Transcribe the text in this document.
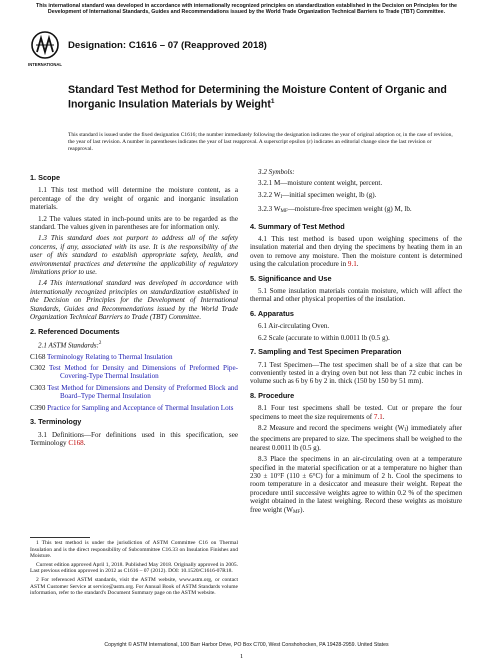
This international standard was developed in accordance with internationally recognized principles on standardization established in the Decision on Principles for the Development of International Standards, Guides and Recommendations issued by the World Trade Organization Technical Barriers to Trade (TBT) Committee.
INTERNATIONAL
Designation: C1616 – 07 (Reapproved 2018)
Standard Test Method for Determining the Moisture Content of Organic and Inorganic Insulation Materials by Weight$^1$
This standard is issued under the fixed designation C1616; the number immediately following the designation indicates the year of original adoption or, in the case of revision, the year of last revision. A number in parentheses indicates the year of last reapproval. A superscript epsilon (ε) indicates an editorial change since the last revision or reapproval.

1. Scope

1.1 This test method will determine the moisture content, as a percentage of the dry weight of organic and inorganic insulation materials.

1.2 The values stated in inch-pound units are to be regarded as the standard. The values given in parentheses are for information only.

1.3 This standard does not purport to address all of the safety concerns, if any, associated with its use. It is the responsibility of the user of this standard to establish appropriate safety, health, and environmental practices and determine the applicability of regulatory limitations prior to use.

1.4 This international standard was developed in accordance with internationally recognized principles on standardization established in the Decision on Principles for the Development of International Standards, Guides and Recommendations issued by the World Trade Organization Technical Barriers to Trade (TBT) Committee.

2. Referenced Documents

2.1 ASTM Standards:$^2$

C168 Terminology Relating to Thermal Insulation

C302 Test Method for Density and Dimensions of Preformed Pipe-Covering-Type Thermal Insulation

C303 Test Method for Dimensions and Density of Preformed Block and Board–Type Thermal Insulation

C390 Practice for Sampling and Acceptance of Thermal Insulation Lots

3. Terminology

3.1 Definitions—For definitions used in this specification, see Terminology C168.

3.2 Symbols:

3.2.1 M—moisture content weight, percent.

3.2.2 $W_I—initial$ specimen weight, lb (g).

3.2.3 $W_{MF}—moisture$-free specimen weight (g) M, lb.

4. Summary of Test Method

4.1 This test method is based upon weighing specimens of the insulation material and then drying the specimens by heating them in an oven to remove any moisture. Then the moisture content is determined using the calculation procedure in 9.1.

5. Significance and Use

5.1 Some insulation materials contain moisture, which will affect the thermal and other physical properties of the insulation.

6. Apparatus

6.1 Air-circulating Oven.

6.2 Scale (accurate to within 0.0011 lb (0.5 g).

7. Sampling and Test Specimen Preparation

7.1 Test Specimen—The test specimen shall be of a size that can be conveniently tested in a drying oven but not less than 72 cubic inches in volume such as 6 by 6 by 2 in. thick (150 by 150 by 51 mm).

8. Procedure

8.1 Four test specimens shall be tested. Cut or prepare the four specimens to meet the size requirements of 7.1.

8.2 Measure and record the specimens weight $(W_I)$ immediately after the specimens are prepared to size. The specimens shall be weighed to the nearest 0.0011 lb (0.5 g).

8.3 Place the specimens in an air-circulating oven at a temperature specified in the material specification or at a temperature no higher than 230 ± 10°F (110 ± 6°C) for a minimum of 2 h. Cool the specimens to room temperature in a desiccator and measure their weight. Repeat the procedure until successive weights agree to within 0.2 % of the specimen weight obtained in the latest weighing. Record these weights as moisture free weight $(W_{MF})$.

1 This test method is under the jurisdiction of ASTM Committee C16 on Thermal Insulation and is the direct responsibility of Subcommittee C16.33 on Insulation Finishes and Moisture.

Current edition approved April 1, 2018. Published May 2018. Originally approved in 2005. Last previous edition approved in 2012 as C1616 – 07 (2012). DOI: 10.1520/C1616-07R18.

2 For referenced ASTM standards, visit the ASTM website, www.astm.org, or contact ASTM Customer Service at service@astm.org. For Annual Book of ASTM Standards volume information, refer to the standard's Document Summary page on the ASTM website.

Copyright © ASTM International, 100 Barr Harbor Drive, PO Box C700, West Conshohocken, PA 19428-2959. United States
1
